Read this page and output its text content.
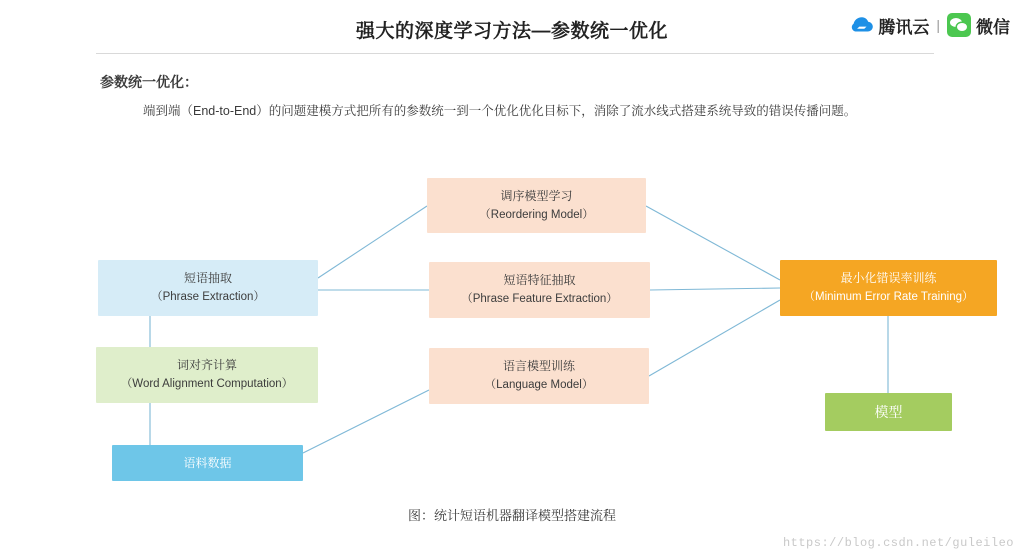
强大的深度学习方法—参数统一优化	腾讯云 | 微信
参数统一优化：
端到端（End-to-End）的问题建模方式把所有的参数统一到一个优化优化目标下，消除了流水线式搭建系统导致的错误传播问题。
调序模型学习
（Reordering Model）
短语抽取
（Phrase Extraction）
短语特征抽取
（Phrase Feature Extraction）
词对齐计算
（Word Alignment Computation）
语言模型训练
（Language Model）
最小化错误率训练
（Minimum Error Rate Training）
语料数据
模型
图：统计短语机器翻译模型搭建流程
https://blog.csdn.net/guleileo
